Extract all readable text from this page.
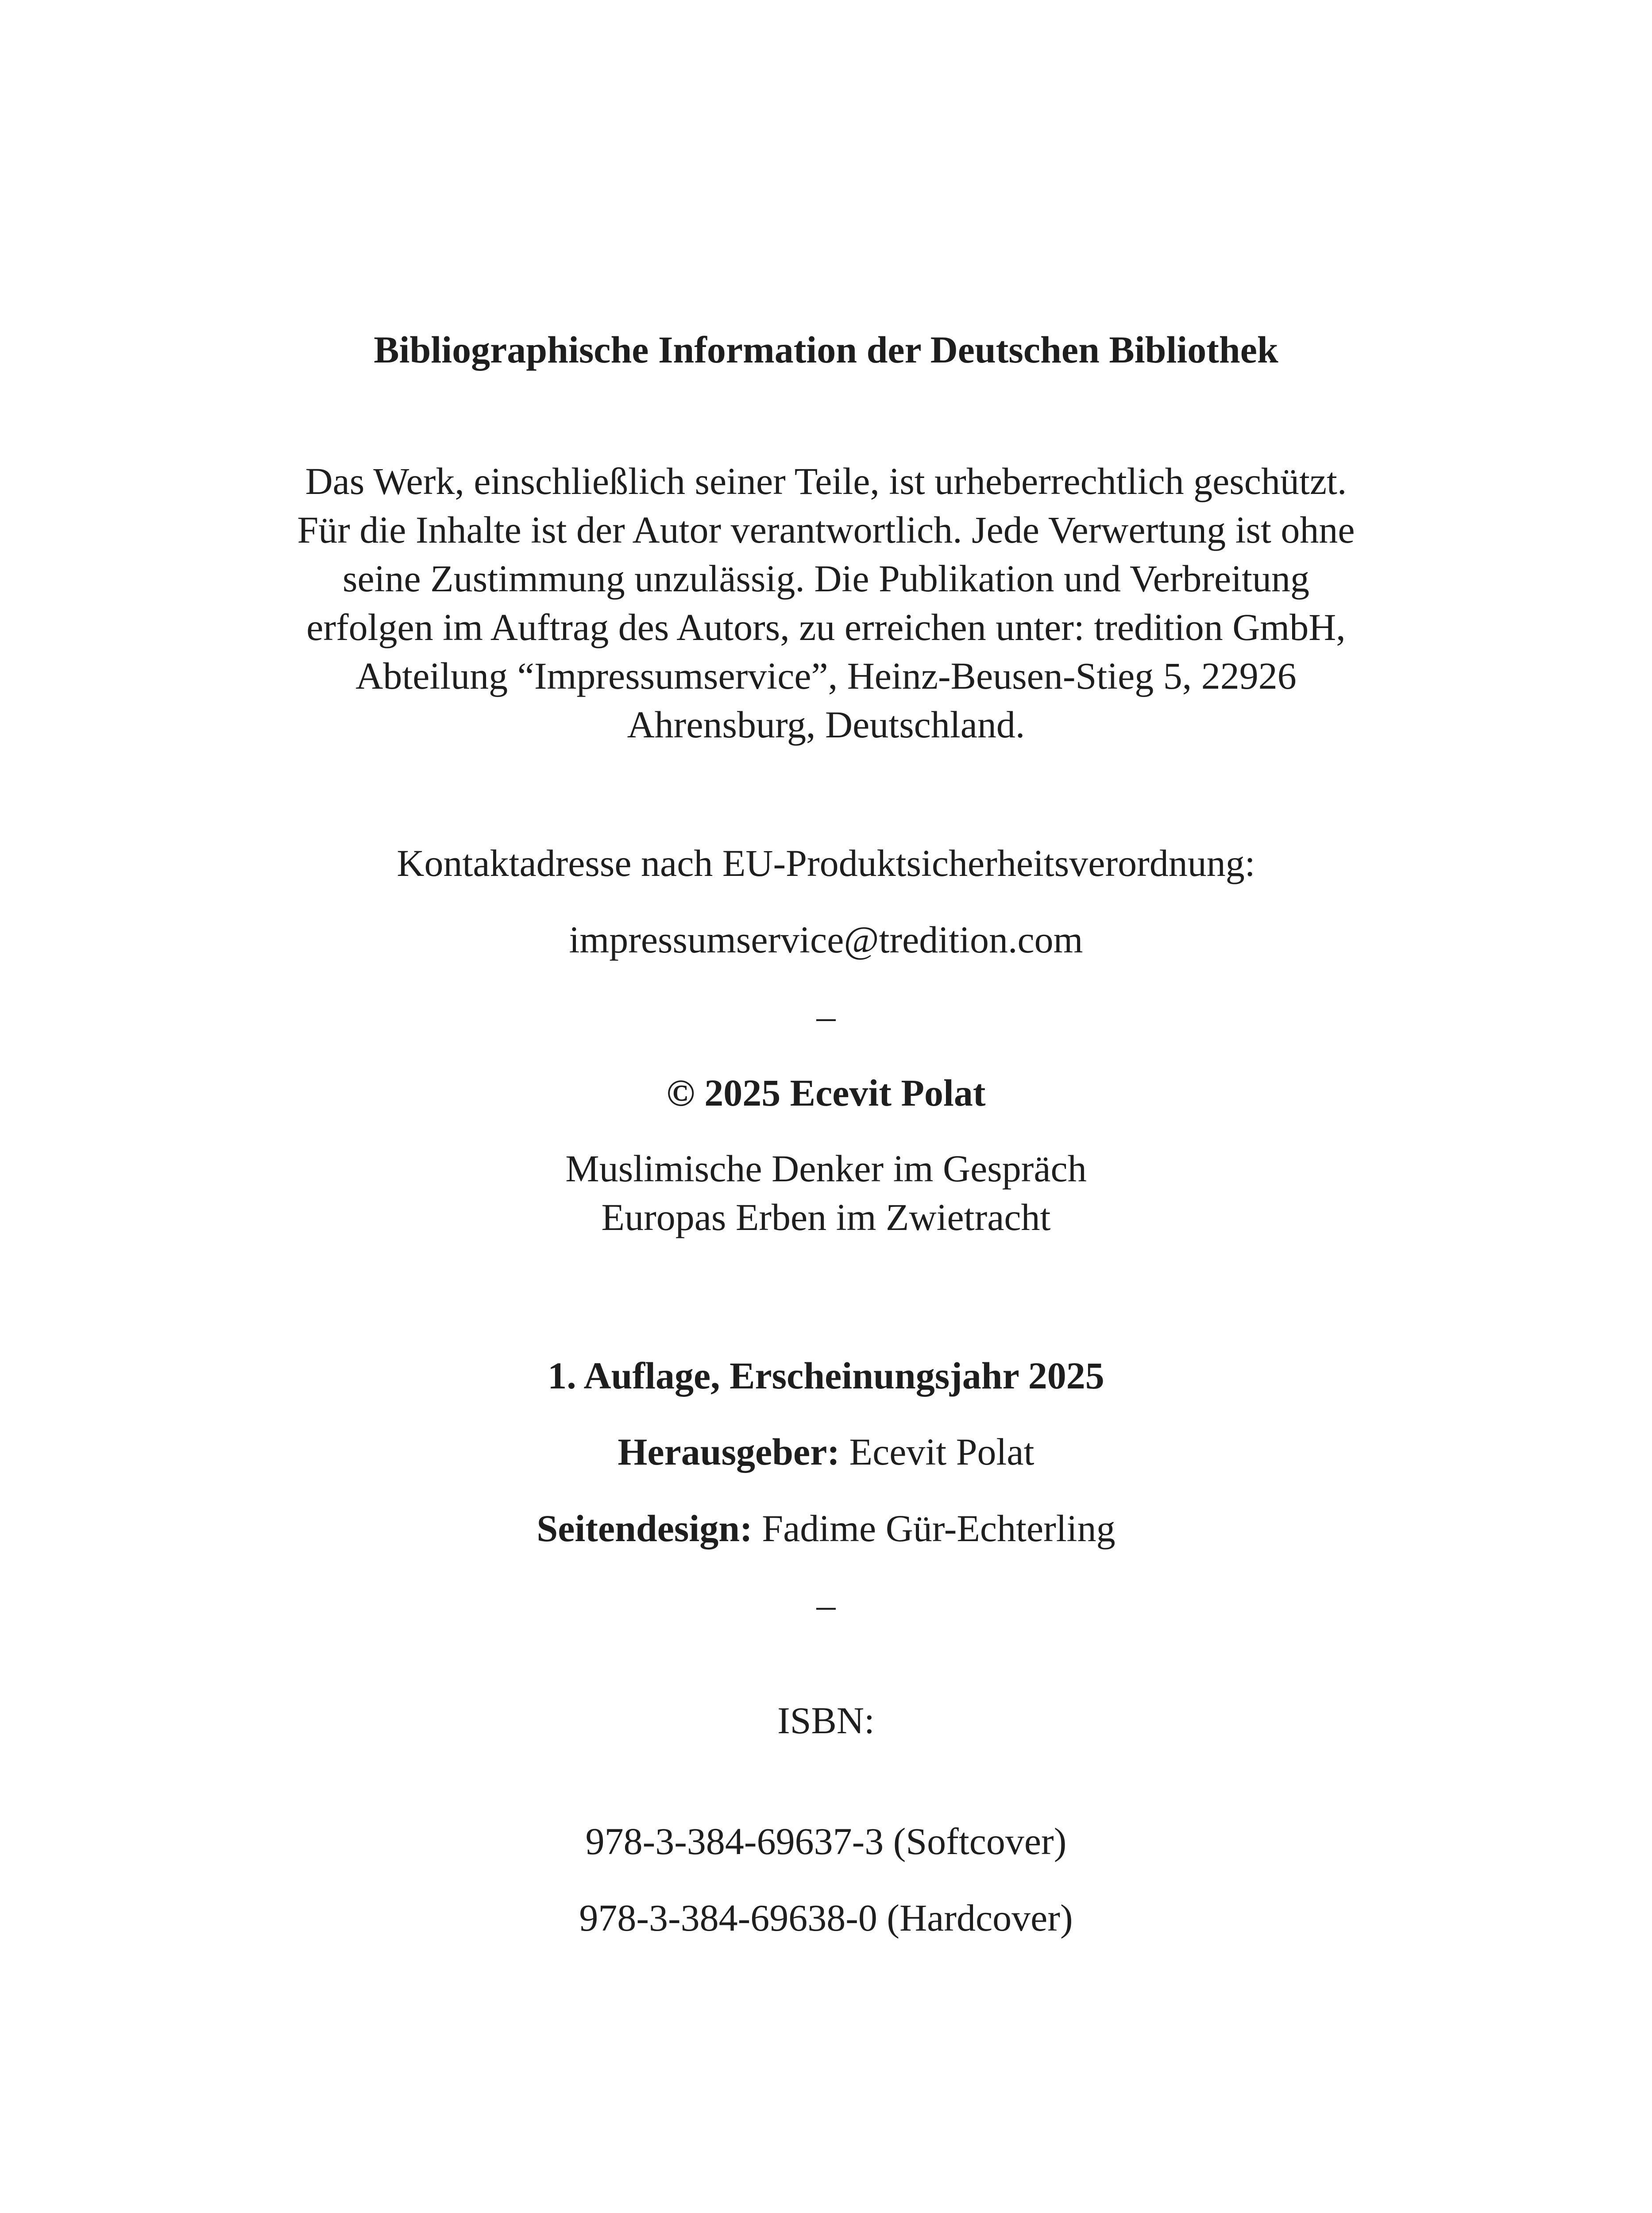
Bibliographische Information der Deutschen Bibliothek
Das Werk, einschließlich seiner Teile, ist urheberrechtlich geschützt.
Für die Inhalte ist der Autor verantwortlich. Jede Verwertung ist ohne
seine Zustimmung unzulässig. Die Publikation und Verbreitung
erfolgen im Auftrag des Autors, zu erreichen unter: tredition GmbH,
Abteilung “Impressumservice”, Heinz-Beusen-Stieg 5, 22926
Ahrensburg, Deutschland.
Kontaktadresse nach EU-Produktsicherheitsverordnung:
impressumservice@tredition.com
–
© 2025 Ecevit Polat
Muslimische Denker im Gespräch
Europas Erben im Zwietracht
1. Auflage, Erscheinungsjahr 2025
Herausgeber: Ecevit Polat
Seitendesign: Fadime Gür-Echterling
–
ISBN:
978-3-384-69637-3 (Softcover)
978-3-384-69638-0 (Hardcover)
